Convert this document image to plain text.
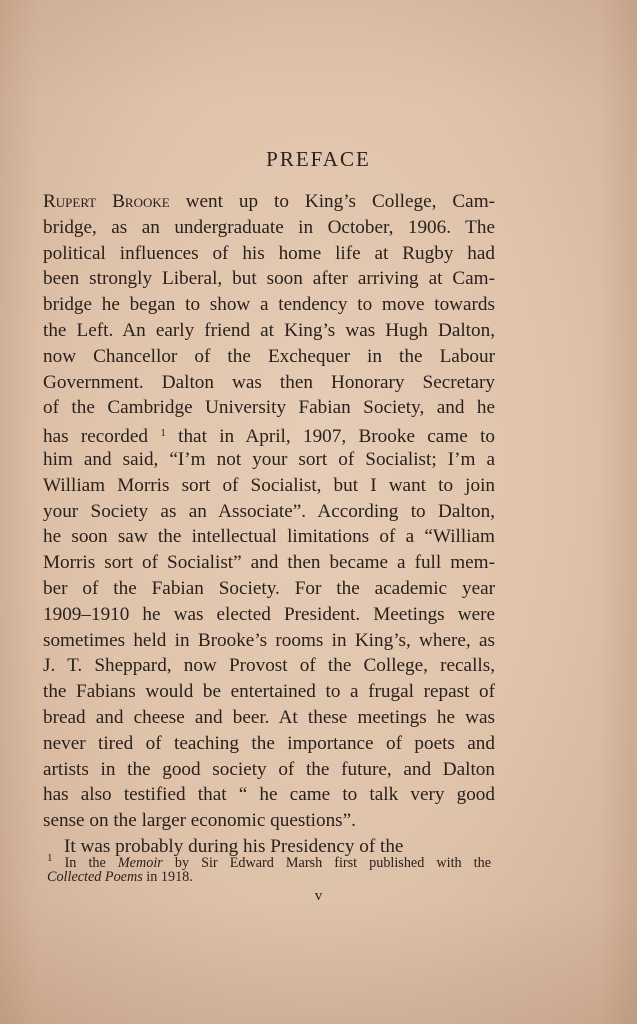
PREFACE
Rupert Brooke went up to King’s College, Cam-
bridge, as an undergraduate in October, 1906. The
political influences of his home life at Rugby had
been strongly Liberal, but soon after arriving at Cam-
bridge he began to show a tendency to move towards
the Left. An early friend at King’s was Hugh Dalton,
now Chancellor of the Exchequer in the Labour
Government. Dalton was then Honorary Secretary
of the Cambridge University Fabian Society, and he
has recorded $^1$ that in April, 1907, Brooke came to
him and said, “I’m not your sort of Socialist; I’m a
William Morris sort of Socialist, but I want to join
your Society as an Associate”. According to Dalton,
he soon saw the intellectual limitations of a “William
Morris sort of Socialist” and then became a full mem-
ber of the Fabian Society. For the academic year
1909–1910 he was elected President. Meetings were
sometimes held in Brooke’s rooms in King’s, where, as
J. T. Sheppard, now Provost of the College, recalls,
the Fabians would be entertained to a frugal repast of
bread and cheese and beer. At these meetings he was
never tired of teaching the importance of poets and
artists in the good society of the future, and Dalton
has also testified that “ he came to talk very good
sense on the larger economic questions”.
It was probably during his Presidency of the
$^1$ In the Memoir by Sir Edward Marsh first published with the
Collected Poems in 1918.
v
